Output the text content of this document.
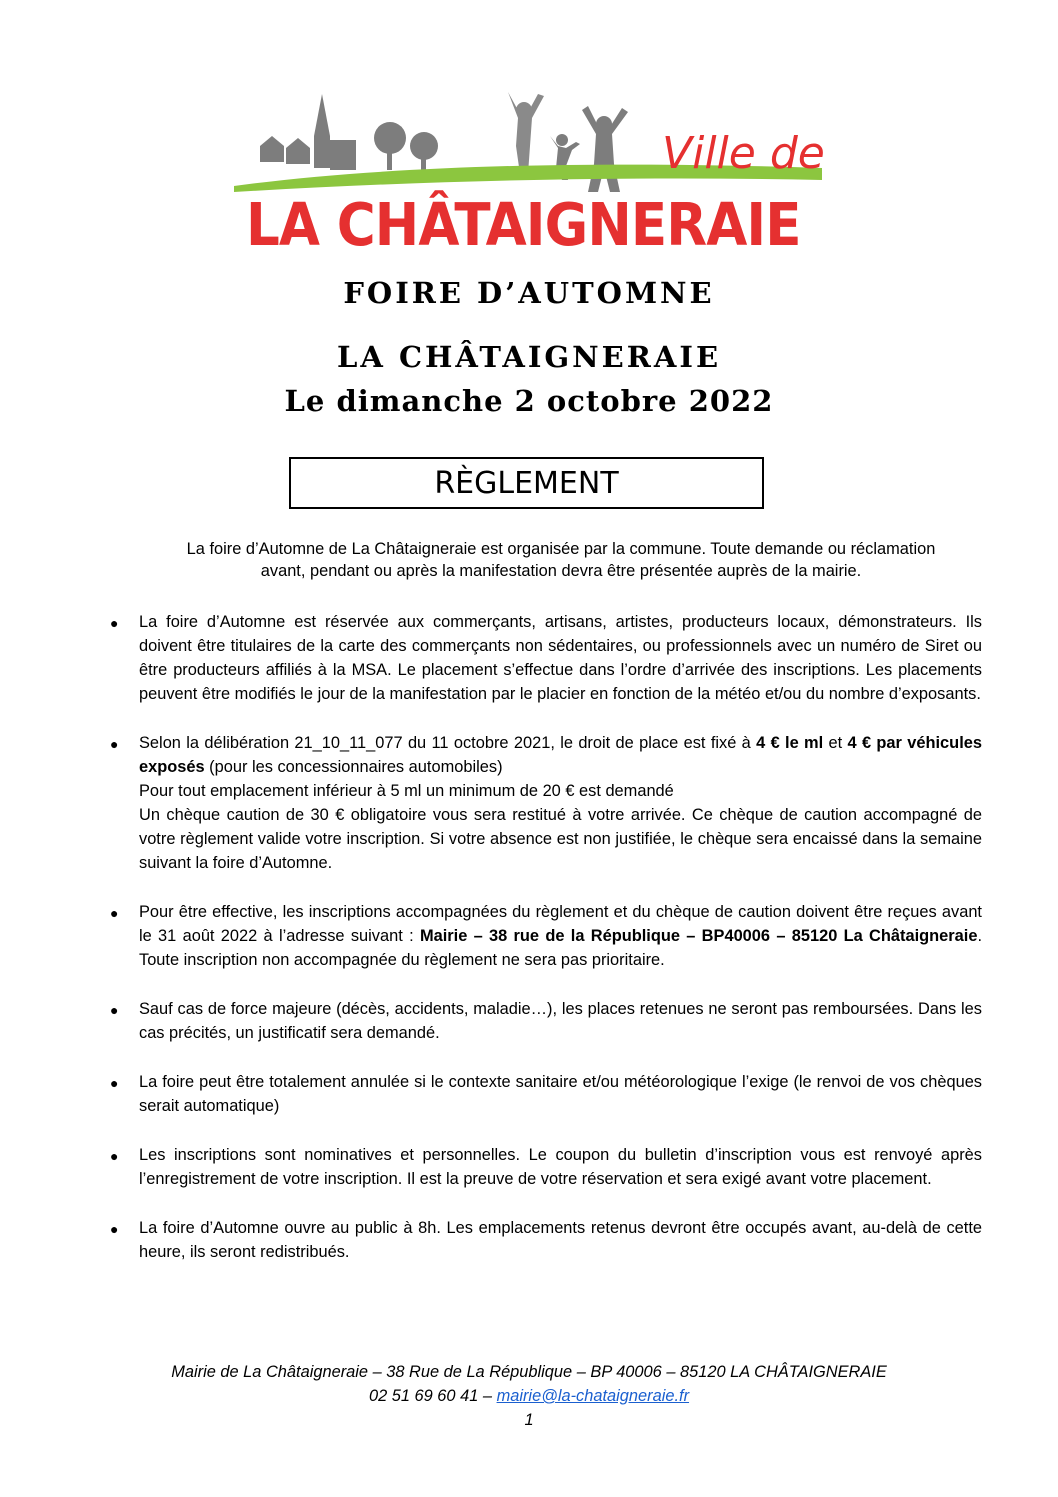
Ville de
LA CHÂTAIGNERAIE
FOIRE D’AUTOMNE
LA CHÂTAIGNERAIE
Le dimanche 2 octobre 2022
RÈGLEMENT
La foire d’Automne de La Châtaigneraie est organisée par la commune. Toute demande ou réclamation
avant, pendant ou après la manifestation devra être présentée auprès de la mairie.
● La foire d’Automne est réservée aux commerçants, artisans, artistes, producteurs locaux, démonstrateurs. Ils doivent être titulaires de la carte des commerçants non sédentaires, ou professionnels avec un numéro de Siret ou être producteurs affiliés à la MSA. Le placement s’effectue dans l’ordre d’arrivée des inscriptions. Les placements peuvent être modifiés le jour de la manifestation par le placier en fonction de la météo et/ou du nombre d’exposants.

● Selon la délibération 21_10_11_077 du 11 octobre 2021, le droit de place est fixé à 4 € le ml et 4 € par véhicules exposés (pour les concessionnaires automobiles)

Pour tout emplacement inférieur à 5 ml un minimum de 20 € est demandé

Un chèque caution de 30 € obligatoire vous sera restitué à votre arrivée. Ce chèque de caution accompagné de votre règlement valide votre inscription. Si votre absence est non justifiée, le chèque sera encaissé dans la semaine suivant la foire d’Automne.

● Pour être effective, les inscriptions accompagnées du règlement et du chèque de caution doivent être reçues avant le 31 août 2022 à l’adresse suivant : Mairie – 38 rue de la République – BP40006 – 85120 La Châtaigneraie. Toute inscription non accompagnée du règlement ne sera pas prioritaire.

● Sauf cas de force majeure (décès, accidents, maladie…), les places retenues ne seront pas remboursées. Dans les cas précités, un justificatif sera demandé.

● La foire peut être totalement annulée si le contexte sanitaire et/ou météorologique l’exige (le renvoi de vos chèques serait automatique)

● Les inscriptions sont nominatives et personnelles. Le coupon du bulletin d’inscription vous est renvoyé après l’enregistrement de votre inscription. Il est la preuve de votre réservation et sera exigé avant votre placement.

● La foire d’Automne ouvre au public à 8h. Les emplacements retenus devront être occupés avant, au-delà de cette heure, ils seront redistribués.

Mairie de La Châtaigneraie – 38 Rue de La République – BP 40006 – 85120 LA CHÂTAIGNERAIE
02 51 69 60 41 – mairie@la-chataigneraie.fr
1
